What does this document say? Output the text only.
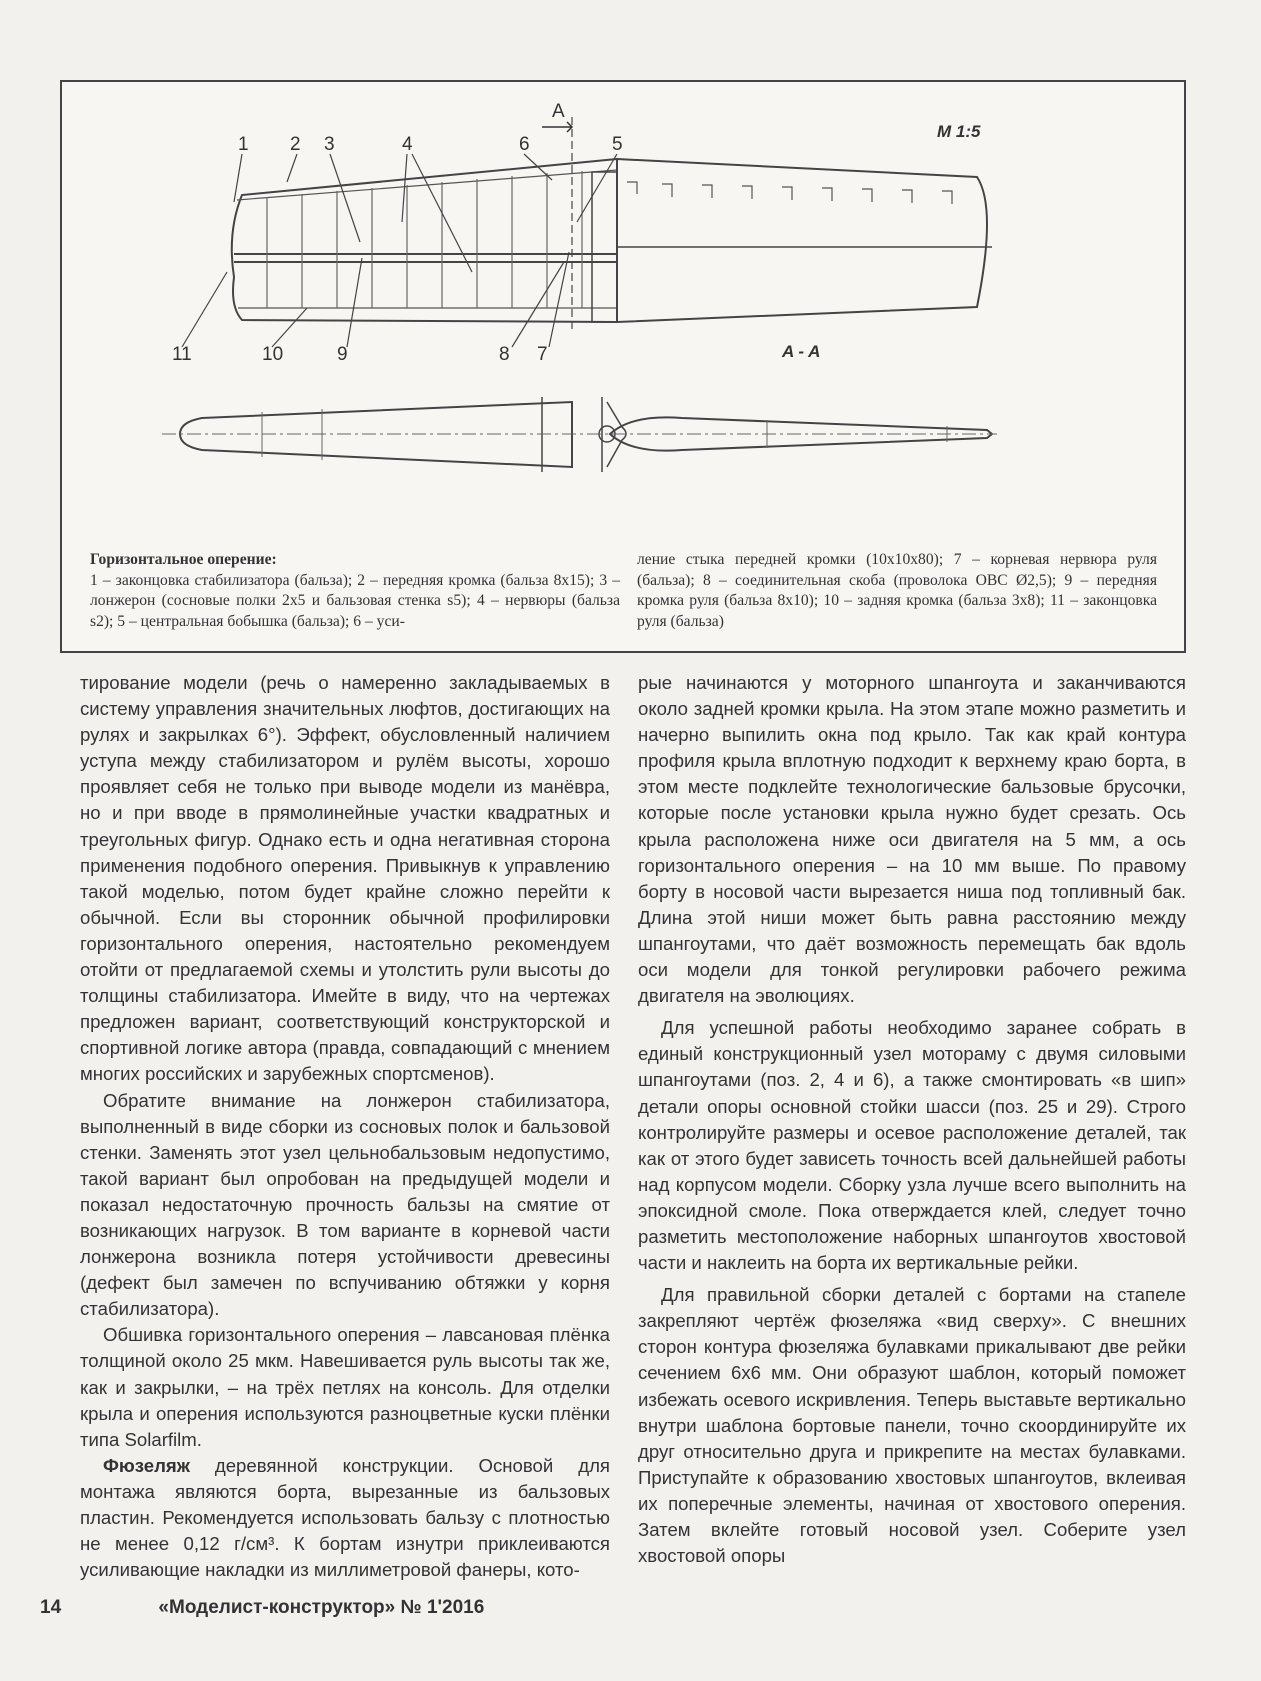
A
M 1:5
1 2 3	4	6	5
11	10	9	8 7	A - A
Горизонтальное оперение:
1 – законцовка стабилизатора (бальза); 2 – передняя кромка (бальза 8х15); 3 – лонжерон (сосновые полки 2х5 и бальзовая стенка s5); 4 – нервюры (бальза s2); 5 – центральная бобышка (бальза); 6 – уси-
ление стыка передней кромки (10х10х80); 7 – корневая нервюра руля (бальза); 8 – соединительная скоба (проволока ОВС Ø2,5); 9 – передняя кромка руля (бальза 8х10); 10 – задняя кромка (бальза 3х8); 11 – законцовка руля (бальза)

тирование модели (речь о намеренно закладываемых в систему управления значительных люфтов, достигающих на рулях и закрылках 6°). Эффект, обусловленный наличием уступа между стабилизатором и рулём высоты, хорошо проявляет себя не только при выводе модели из манёвра, но и при вводе в прямолинейные участки квадратных и треугольных фигур. Однако есть и одна негативная сторона применения подобного оперения. Привыкнув к управлению такой моделью, потом будет крайне сложно перейти к обычной. Если вы сторонник обычной профилировки горизонтального оперения, настоятельно рекомендуем отойти от предлагаемой схемы и утолстить рули высоты до толщины стабилизатора. Имейте в виду, что на чертежах предложен вариант, соответствующий конструкторской и спортивной логике автора (правда, совпадающий с мнением многих российских и зарубежных спортсменов).

Обратите внимание на лонжерон стабилизатора, выполненный в виде сборки из сосновых полок и бальзовой стенки. Заменять этот узел цельнобальзовым недопустимо, такой вариант был опробован на предыдущей модели и показал недостаточную прочность бальзы на смятие от возникающих нагрузок. В том варианте в корневой части лонжерона возникла потеря устойчивости древесины (дефект был замечен по вспучиванию обтяжки у корня стабилизатора).

Обшивка горизонтального оперения – лавсановая плёнка толщиной около 25 мкм. Навешивается руль высоты так же, как и закрылки, – на трёх петлях на консоль. Для отделки крыла и оперения используются разноцветные куски плёнки типа Solarfilm.

Фюзеляж деревянной конструкции. Основой для монтажа являются борта, вырезанные из бальзовых пластин. Рекомендуется использовать бальзу с плотностью не менее 0,12 г/см³. К бортам изнутри приклеиваются усиливающие накладки из миллиметровой фанеры, кото-

рые начинаются у моторного шпангоута и заканчиваются около задней кромки крыла. На этом этапе можно разметить и начерно выпилить окна под крыло. Так как край контура профиля крыла вплотную подходит к верхнему краю борта, в этом месте подклейте технологические бальзовые брусочки, которые после установки крыла нужно будет срезать. Ось крыла расположена ниже оси двигателя на 5 мм, а ось горизонтального оперения – на 10 мм выше. По правому борту в носовой части вырезается ниша под топливный бак. Длина этой ниши может быть равна расстоянию между шпангоутами, что даёт возможность перемещать бак вдоль оси модели для тонкой регулировки рабочего режима двигателя на эволюциях.

Для успешной работы необходимо заранее собрать в единый конструкционный узел мотораму с двумя силовыми шпангоутами (поз. 2, 4 и 6), а также смонтировать «в шип» детали опоры основной стойки шасси (поз. 25 и 29). Строго контролируйте размеры и осевое расположение деталей, так как от этого будет зависеть точность всей дальнейшей работы над корпусом модели. Сборку узла лучше всего выполнить на эпоксидной смоле. Пока отверждается клей, следует точно разметить местоположение наборных шпангоутов хвостовой части и наклеить на борта их вертикальные рейки.

Для правильной сборки деталей с бортами на стапеле закрепляют чертёж фюзеляжа «вид сверху». С внешних сторон контура фюзеляжа булавками прикалывают две рейки сечением 6х6 мм. Они образуют шаблон, который поможет избежать осевого искривления. Теперь выставьте вертикально внутри шаблона бортовые панели, точно скоординируйте их друг относительно друга и прикрепите на местах булавками. Приступайте к образованию хвостовых шпангоутов, вклеивая их поперечные элементы, начиная от хвостового оперения. Затем вклейте готовый носовой узел. Соберите узел хвостовой опоры

14	«Моделист-конструктор» № 1'2016
